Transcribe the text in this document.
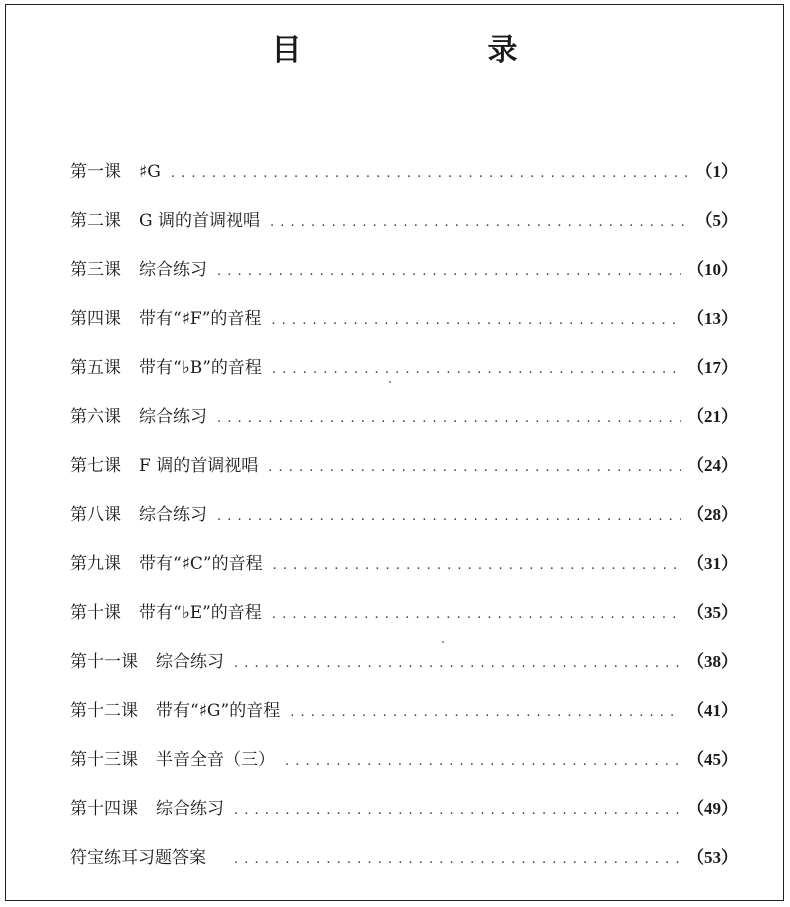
目　录
第一课 ♯G . . .	（1）
第二课 G 调的首调视唱 . . .	（5）
第三课 综合练习 . . .	（10）
第四课 带有“♯F”的音程 . . .	（13）
第五课 带有“♭B”的音程 . . .	（17）
第六课 综合练习 . . .	（21）
第七课 F 调的首调视唱 . . .	（24）
第八课 综合练习 . . .	（28）
第九课 带有“♯C”的音程 . . .	（31）
第十课 带有“♭E”的音程 . . .	（35）
第十一课 综合练习 . . .	（38）
第十二课 带有“♯G”的音程 . . .	（41）
第十三课 半音全音（三） . . .	（45）
第十四课 综合练习 . . .	（49）
符宝练耳习题答案 . . .	（53）
